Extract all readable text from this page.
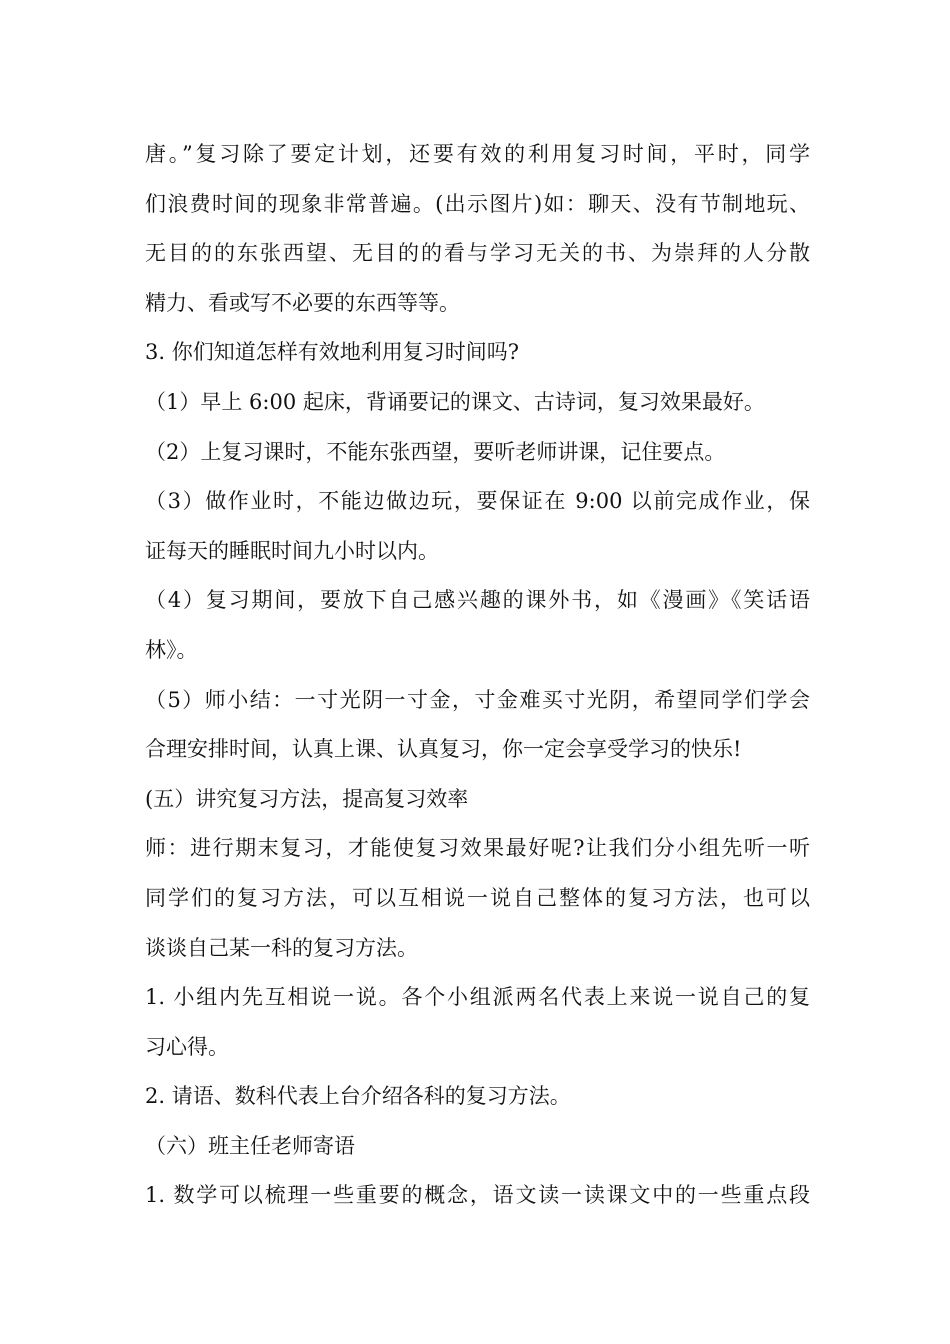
唐。”复习除了要定计划，还要有效的利用复习时间，平时，同学
们浪费时间的现象非常普遍。(出示图片)如：聊天、没有节制地玩、
无目的的东张西望、无目的的看与学习无关的书、为崇拜的人分散
精力、看或写不必要的东西等等。
3. 你们知道怎样有效地利用复习时间吗?
（1）早上 6:00 起床，背诵要记的课文、古诗词，复习效果最好。
（2）上复习课时，不能东张西望，要听老师讲课，记住要点。
（3）做作业时，不能边做边玩，要保证在 9:00 以前完成作业，保
证每天的睡眠时间九小时以内。
（4）复习期间，要放下自己感兴趣的课外书，如《漫画》《笑话语
林》。
（5）师小结：一寸光阴一寸金，寸金难买寸光阴，希望同学们学会
合理安排时间，认真上课、认真复习，你一定会享受学习的快乐!
(五）讲究复习方法，提高复习效率
师：进行期末复习，才能使复习效果最好呢?让我们分小组先听一听
同学们的复习方法，可以互相说一说自己整体的复习方法，也可以
谈谈自己某一科的复习方法。
1. 小组内先互相说一说。各个小组派两名代表上来说一说自己的复
习心得。
2. 请语、数科代表上台介绍各科的复习方法。
（六）班主任老师寄语
1. 数学可以梳理一些重要的概念，语文读一读课文中的一些重点段
